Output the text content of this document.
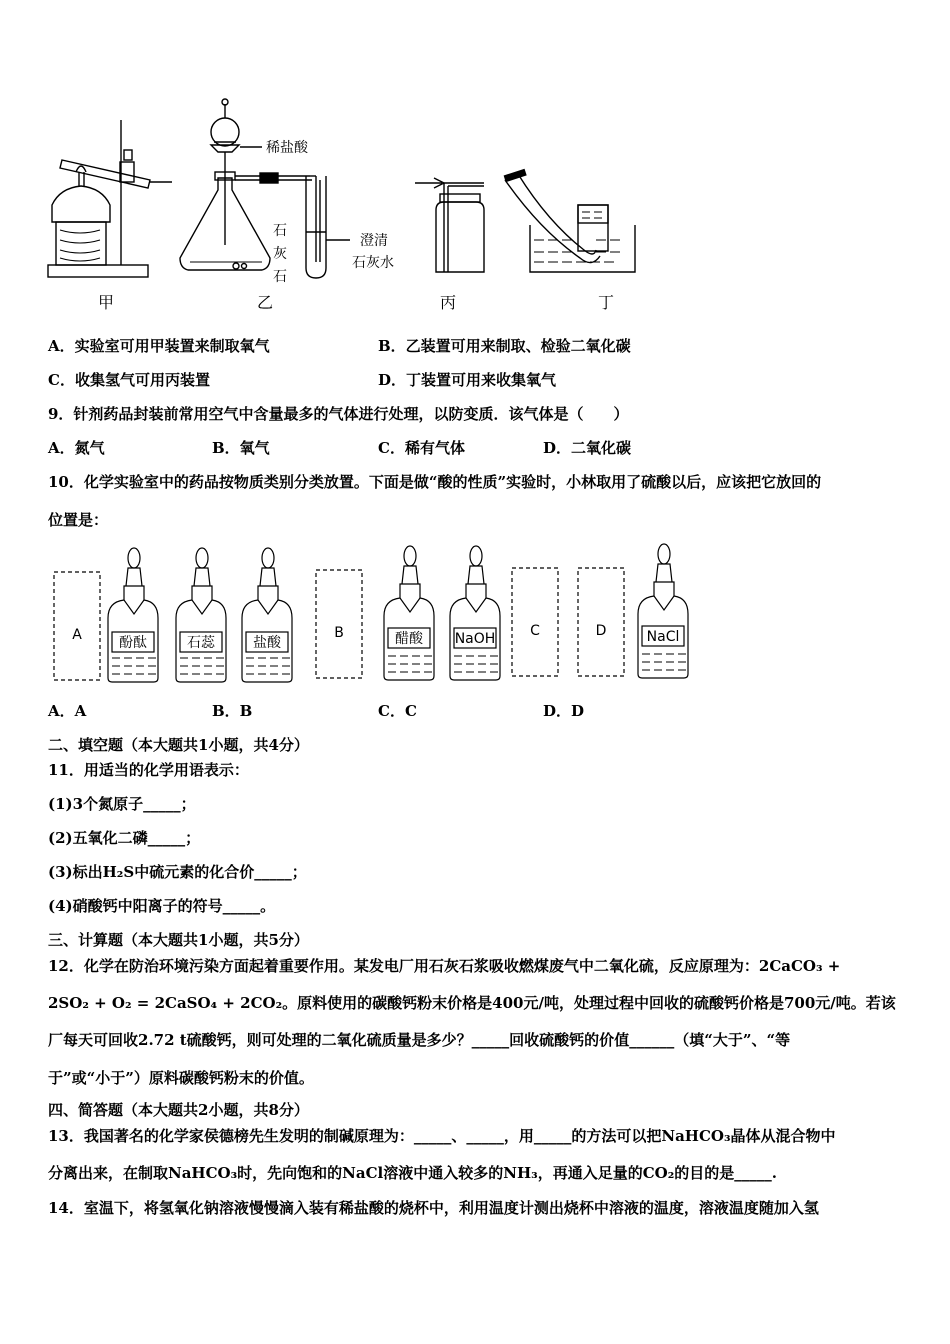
稀盐酸
石
灰
石
澄清
石灰水
甲	乙	丙	丁
A．实验室可用甲装置来制取氧气	B．乙装置可用来制取、检验二氧化碳
C．收集氢气可用丙装置	D．丁装置可用来收集氧气
9．针剂药品封装前常用空气中含量最多的气体进行处理，以防变质．该气体是（　　）
A．氮气	B．氧气	C．稀有气体	D．二氧化碳
10．化学实验室中的药品按物质类别分类放置。下面是做“酸的性质”实验时，小林取用了硫酸以后，应该把它放回的
位置是：
A	酚酞	石蕊	盐酸
B	醋酸 NaOH C	D	NaCl
A．A	B．B	C．C	D．D
二、填空题（本大题共1小题，共4分）
11．用适当的化学用语表示：
(1)3个氮原子_____；
(2)五氧化二磷_____；
(3)标出H₂S中硫元素的化合价_____；
(4)硝酸钙中阳离子的符号_____。
三、计算题（本大题共1小题，共5分）
12．化学在防治环境污染方面起着重要作用。某发电厂用石灰石浆吸收燃煤废气中二氧化硫，反应原理为：2CaCO₃ +
2SO₂ + O₂ = 2CaSO₄ + 2CO₂。原料使用的碳酸钙粉末价格是400元/吨，处理过程中回收的硫酸钙价格是700元/吨。若该
厂每天可回收2.72 t硫酸钙，则可处理的二氧化硫质量是多少？_____回收硫酸钙的价值______（填“大于”、“等
于”或“小于”）原料碳酸钙粉末的价值。
四、简答题（本大题共2小题，共8分）
13．我国著名的化学家侯德榜先生发明的制碱原理为：_____、_____，用_____的方法可以把NaHCO₃晶体从混合物中
分离出来，在制取NaHCO₃时，先向饱和的NaCl溶液中通入较多的NH₃，再通入足量的CO₂的目的是_____.
14．室温下，将氢氧化钠溶液慢慢滴入装有稀盐酸的烧杯中，利用温度计测出烧杯中溶液的温度，溶液温度随加入氢
